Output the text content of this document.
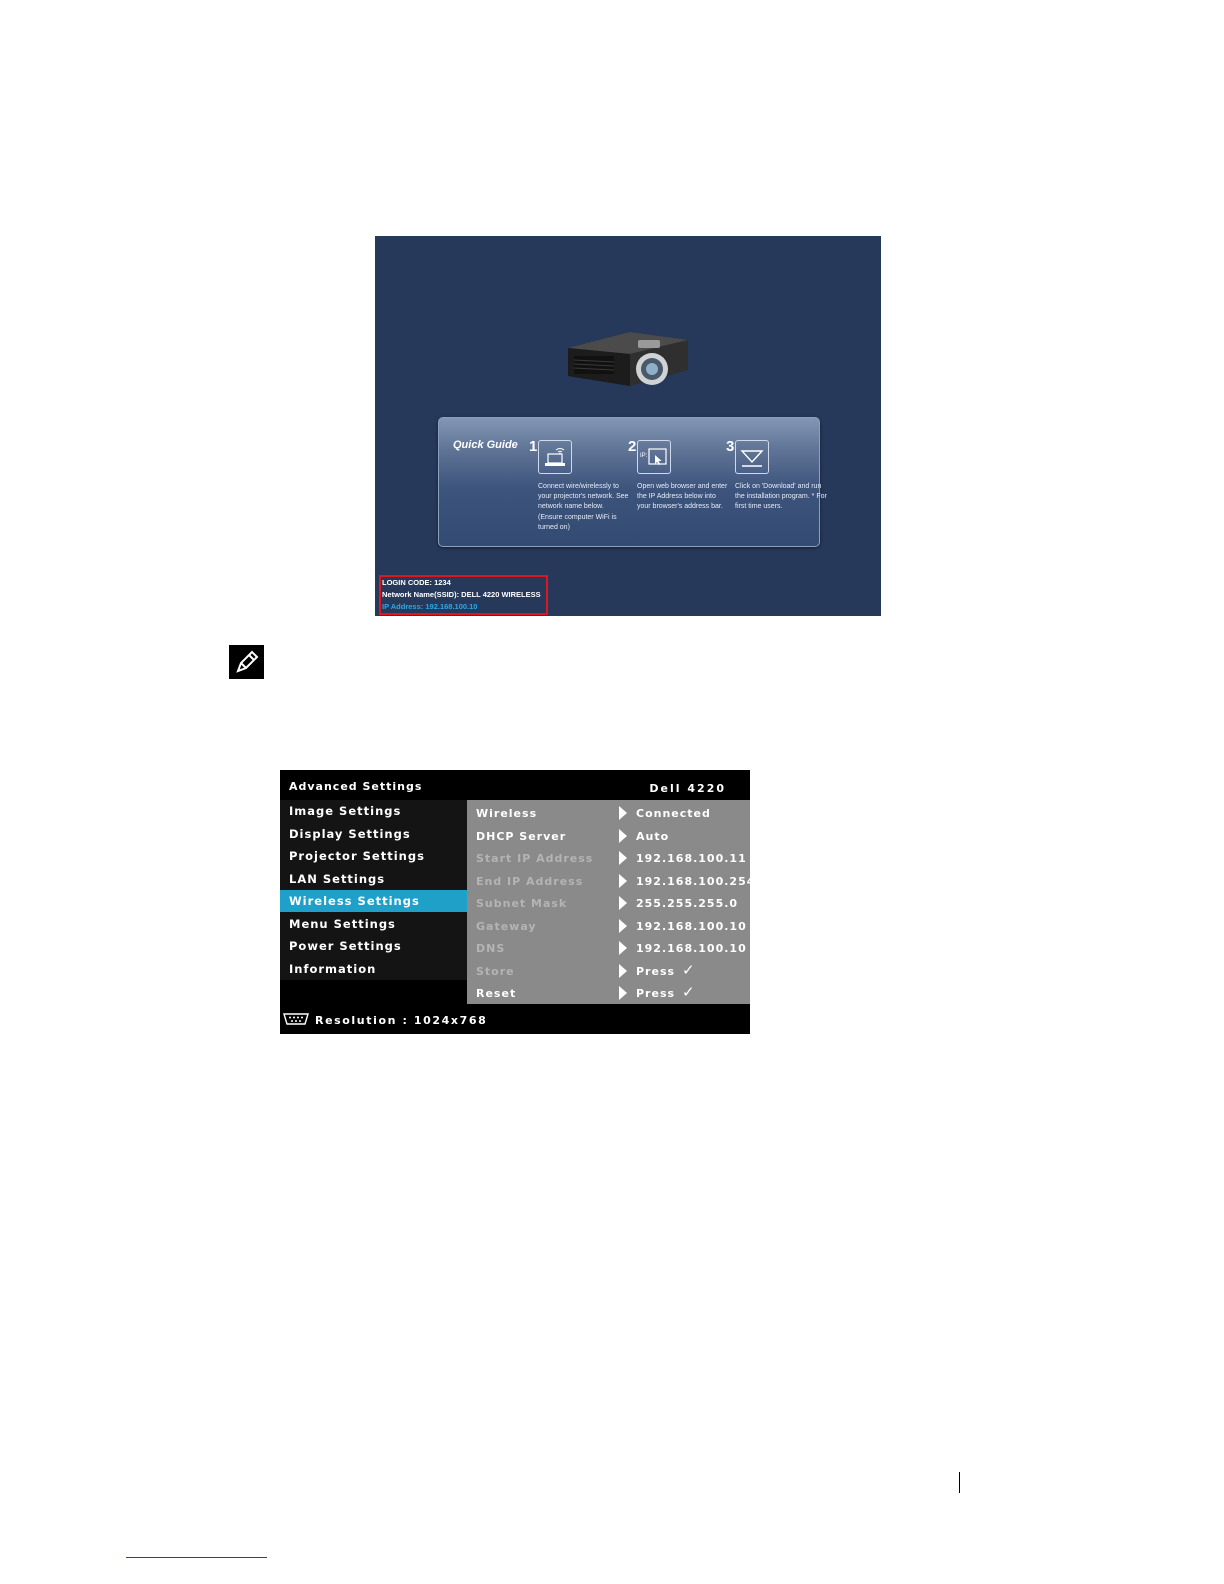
Quick Guide 1
Connect wire/wirelessly to your projector's network. See network name below. (Ensure computer WiFi is turned on)
2
IP:
Open web browser and enter the IP Address below into your browser's address bar.
3
Click on 'Download' and run the installation program. * For first time users.
LOGIN CODE: 1234
Network Name(SSID): DELL 4220 WIRELESS
IP Address: 192.168.100.10
Advanced Settings	Dell 4220
Image Settings
Display Settings
Projector Settings
LAN Settings
Wireless Settings
Menu Settings
Power Settings
Information
Wireless	Connected
DHCP Server	Auto
Start IP Address	192.168.100.11
End IP Address	192.168.100.254
Subnet Mask	255.255.255.0
Gateway	192.168.100.10
DNS	192.168.100.10
Store	Press ✓
Reset	Press ✓
Resolution : 1024x768
